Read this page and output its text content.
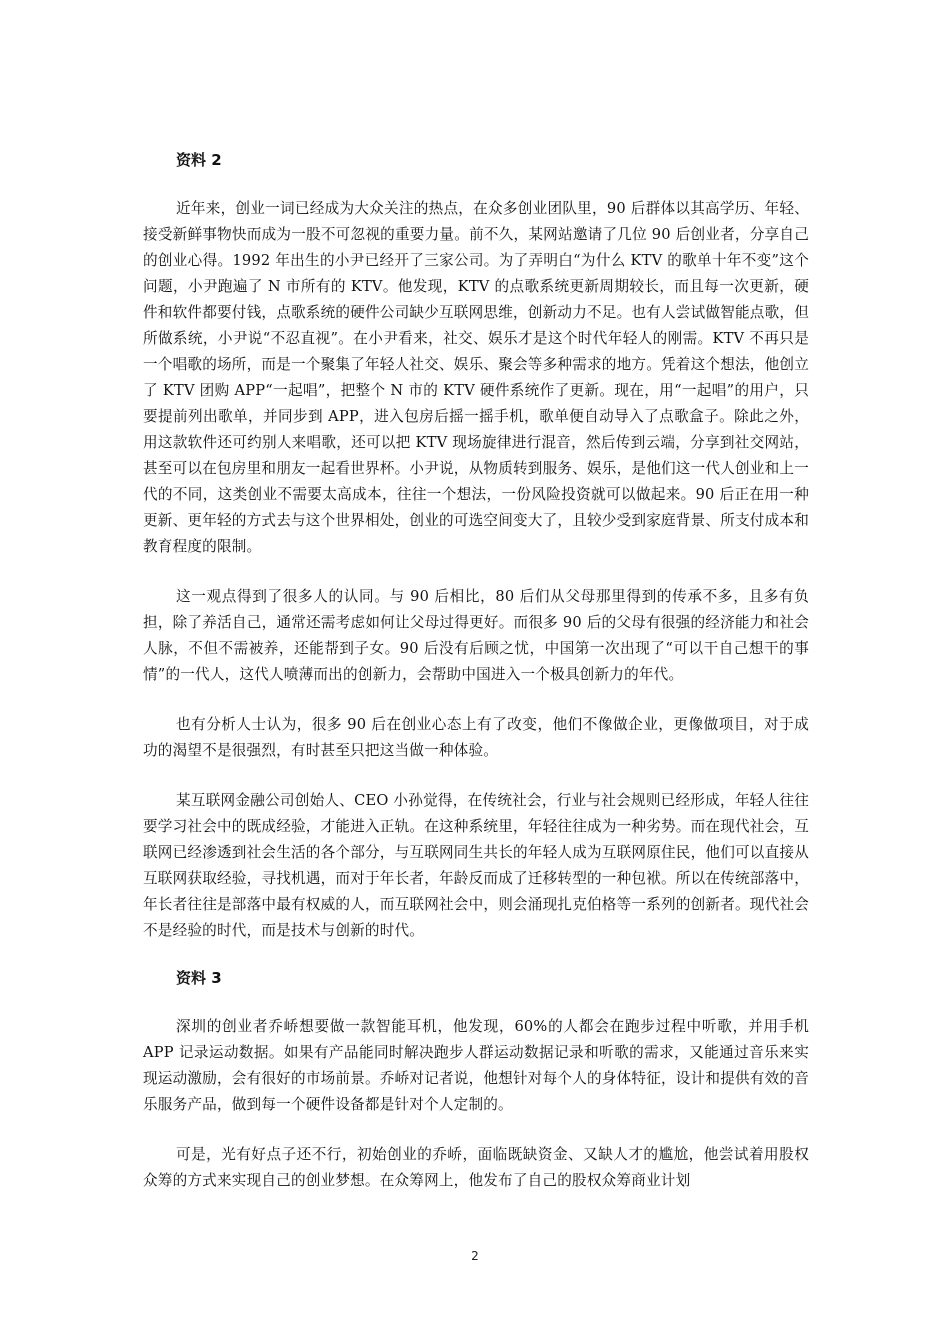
资料 2

近年来，创业一词已经成为大众关注的热点，在众多创业团队里，90 后群体以其高学历、年轻、接受新鲜事物快而成为一股不可忽视的重要力量。前不久，某网站邀请了几位 90 后创业者，分享自己的创业心得。1992 年出生的小尹已经开了三家公司。为了弄明白“为什么 KTV 的歌单十年不变”这个问题，小尹跑遍了 N 市所有的 KTV。他发现，KTV 的点歌系统更新周期较长，而且每一次更新，硬件和软件都要付钱，点歌系统的硬件公司缺少互联网思维，创新动力不足。也有人尝试做智能点歌，但所做系统，小尹说“不忍直视”。在小尹看来，社交、娱乐才是这个时代年轻人的刚需。KTV 不再只是一个唱歌的场所，而是一个聚集了年轻人社交、娱乐、聚会等多种需求的地方。凭着这个想法，他创立了 KTV 团购 APP“一起唱”，把整个 N 市的 KTV 硬件系统作了更新。现在，用“一起唱”的用户，只要提前列出歌单，并同步到 APP，进入包房后摇一摇手机，歌单便自动导入了点歌盒子。除此之外，用这款软件还可约别人来唱歌，还可以把 KTV 现场旋律进行混音，然后传到云端，分享到社交网站，甚至可以在包房里和朋友一起看世界杯。小尹说，从物质转到服务、娱乐，是他们这一代人创业和上一代的不同，这类创业不需要太高成本，往往一个想法，一份风险投资就可以做起来。90 后正在用一种更新、更年轻的方式去与这个世界相处，创业的可选空间变大了，且较少受到家庭背景、所支付成本和教育程度的限制。

这一观点得到了很多人的认同。与 90 后相比，80 后们从父母那里得到的传承不多，且多有负担，除了养活自己，通常还需考虑如何让父母过得更好。而很多 90 后的父母有很强的经济能力和社会人脉，不但不需被养，还能帮到子女。90 后没有后顾之忧，中国第一次出现了“可以干自己想干的事情”的一代人，这代人喷薄而出的创新力，会帮助中国进入一个极具创新力的年代。

也有分析人士认为，很多 90 后在创业心态上有了改变，他们不像做企业，更像做项目，对于成功的渴望不是很强烈，有时甚至只把这当做一种体验。

某互联网金融公司创始人、CEO 小孙觉得，在传统社会，行业与社会规则已经形成，年轻人往往要学习社会中的既成经验，才能进入正轨。在这种系统里，年轻往往成为一种劣势。而在现代社会，互联网已经渗透到社会生活的各个部分，与互联网同生共长的年轻人成为互联网原住民，他们可以直接从互联网获取经验，寻找机遇，而对于年长者，年龄反而成了迁移转型的一种包袱。所以在传统部落中，年长者往往是部落中最有权威的人，而互联网社会中，则会涌现扎克伯格等一系列的创新者。现代社会不是经验的时代，而是技术与创新的时代。

资料 3

深圳的创业者乔峤想要做一款智能耳机，他发现，60%的人都会在跑步过程中听歌，并用手机 APP 记录运动数据。如果有产品能同时解决跑步人群运动数据记录和听歌的需求，又能通过音乐来实现运动激励，会有很好的市场前景。乔峤对记者说，他想针对每个人的身体特征，设计和提供有效的音乐服务产品，做到每一个硬件设备都是针对个人定制的。

可是，光有好点子还不行，初始创业的乔峤，面临既缺资金、又缺人才的尴尬，他尝试着用股权众筹的方式来实现自己的创业梦想。在众筹网上，他发布了自己的股权众筹商业计划

2
